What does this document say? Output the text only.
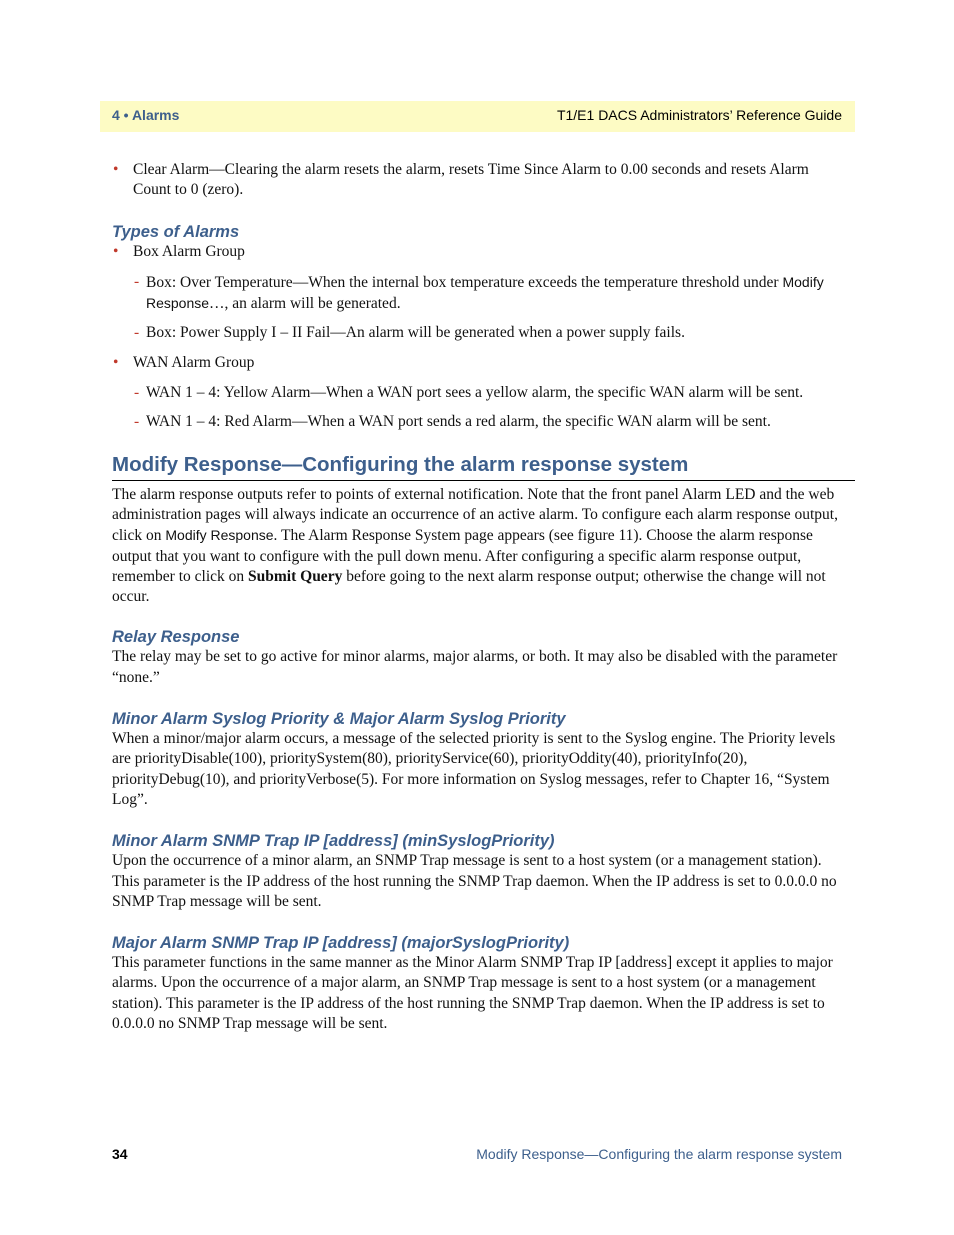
4 • Alarms	T1/E1 DACS Administrators’ Reference Guide
• Clear Alarm—Clearing the alarm resets the alarm, resets Time Since Alarm to 0.00 seconds and resets Alarm Count to 0 (zero).
Types of Alarms
• Box Alarm Group
- Box: Over Temperature—When the internal box temperature exceeds the temperature threshold under Modify Response…, an alarm will be generated.
- Box: Power Supply I – II Fail—An alarm will be generated when a power supply fails.
• WAN Alarm Group
- WAN 1 – 4: Yellow Alarm—When a WAN port sees a yellow alarm, the specific WAN alarm will be sent.
- WAN 1 – 4: Red Alarm—When a WAN port sends a red alarm, the specific WAN alarm will be sent.
Modify Response—Configuring the alarm response system

The alarm response outputs refer to points of external notification. Note that the front panel Alarm LED and the web administration pages will always indicate an occurrence of an active alarm. To configure each alarm response output, click on Modify Response. The Alarm Response System page appears (see figure 11). Choose the alarm response output that you want to configure with the pull down menu. After configuring a specific alarm response output, remember to click on Submit Query before going to the next alarm response output; otherwise the change will not occur.

Relay Response

The relay may be set to go active for minor alarms, major alarms, or both. It may also be disabled with the parameter “none.”

Minor Alarm Syslog Priority & Major Alarm Syslog Priority

When a minor/major alarm occurs, a message of the selected priority is sent to the Syslog engine. The Priority levels are priorityDisable(100), prioritySystem(80), priorityService(60), priorityOddity(40), priorityInfo(20), priorityDebug(10), and priorityVerbose(5). For more information on Syslog messages, refer to Chapter 16, “System Log”.

Minor Alarm SNMP Trap IP [address] (minSyslogPriority)

Upon the occurrence of a minor alarm, an SNMP Trap message is sent to a host system (or a management station). This parameter is the IP address of the host running the SNMP Trap daemon. When the IP address is set to 0.0.0.0 no SNMP Trap message will be sent.

Major Alarm SNMP Trap IP [address] (majorSyslogPriority)

This parameter functions in the same manner as the Minor Alarm SNMP Trap IP [address] except it applies to major alarms. Upon the occurrence of a major alarm, an SNMP Trap message is sent to a host system (or a management station). This parameter is the IP address of the host running the SNMP Trap daemon. When the IP address is set to 0.0.0.0 no SNMP Trap message will be sent.

34	Modify Response—Configuring the alarm response system
